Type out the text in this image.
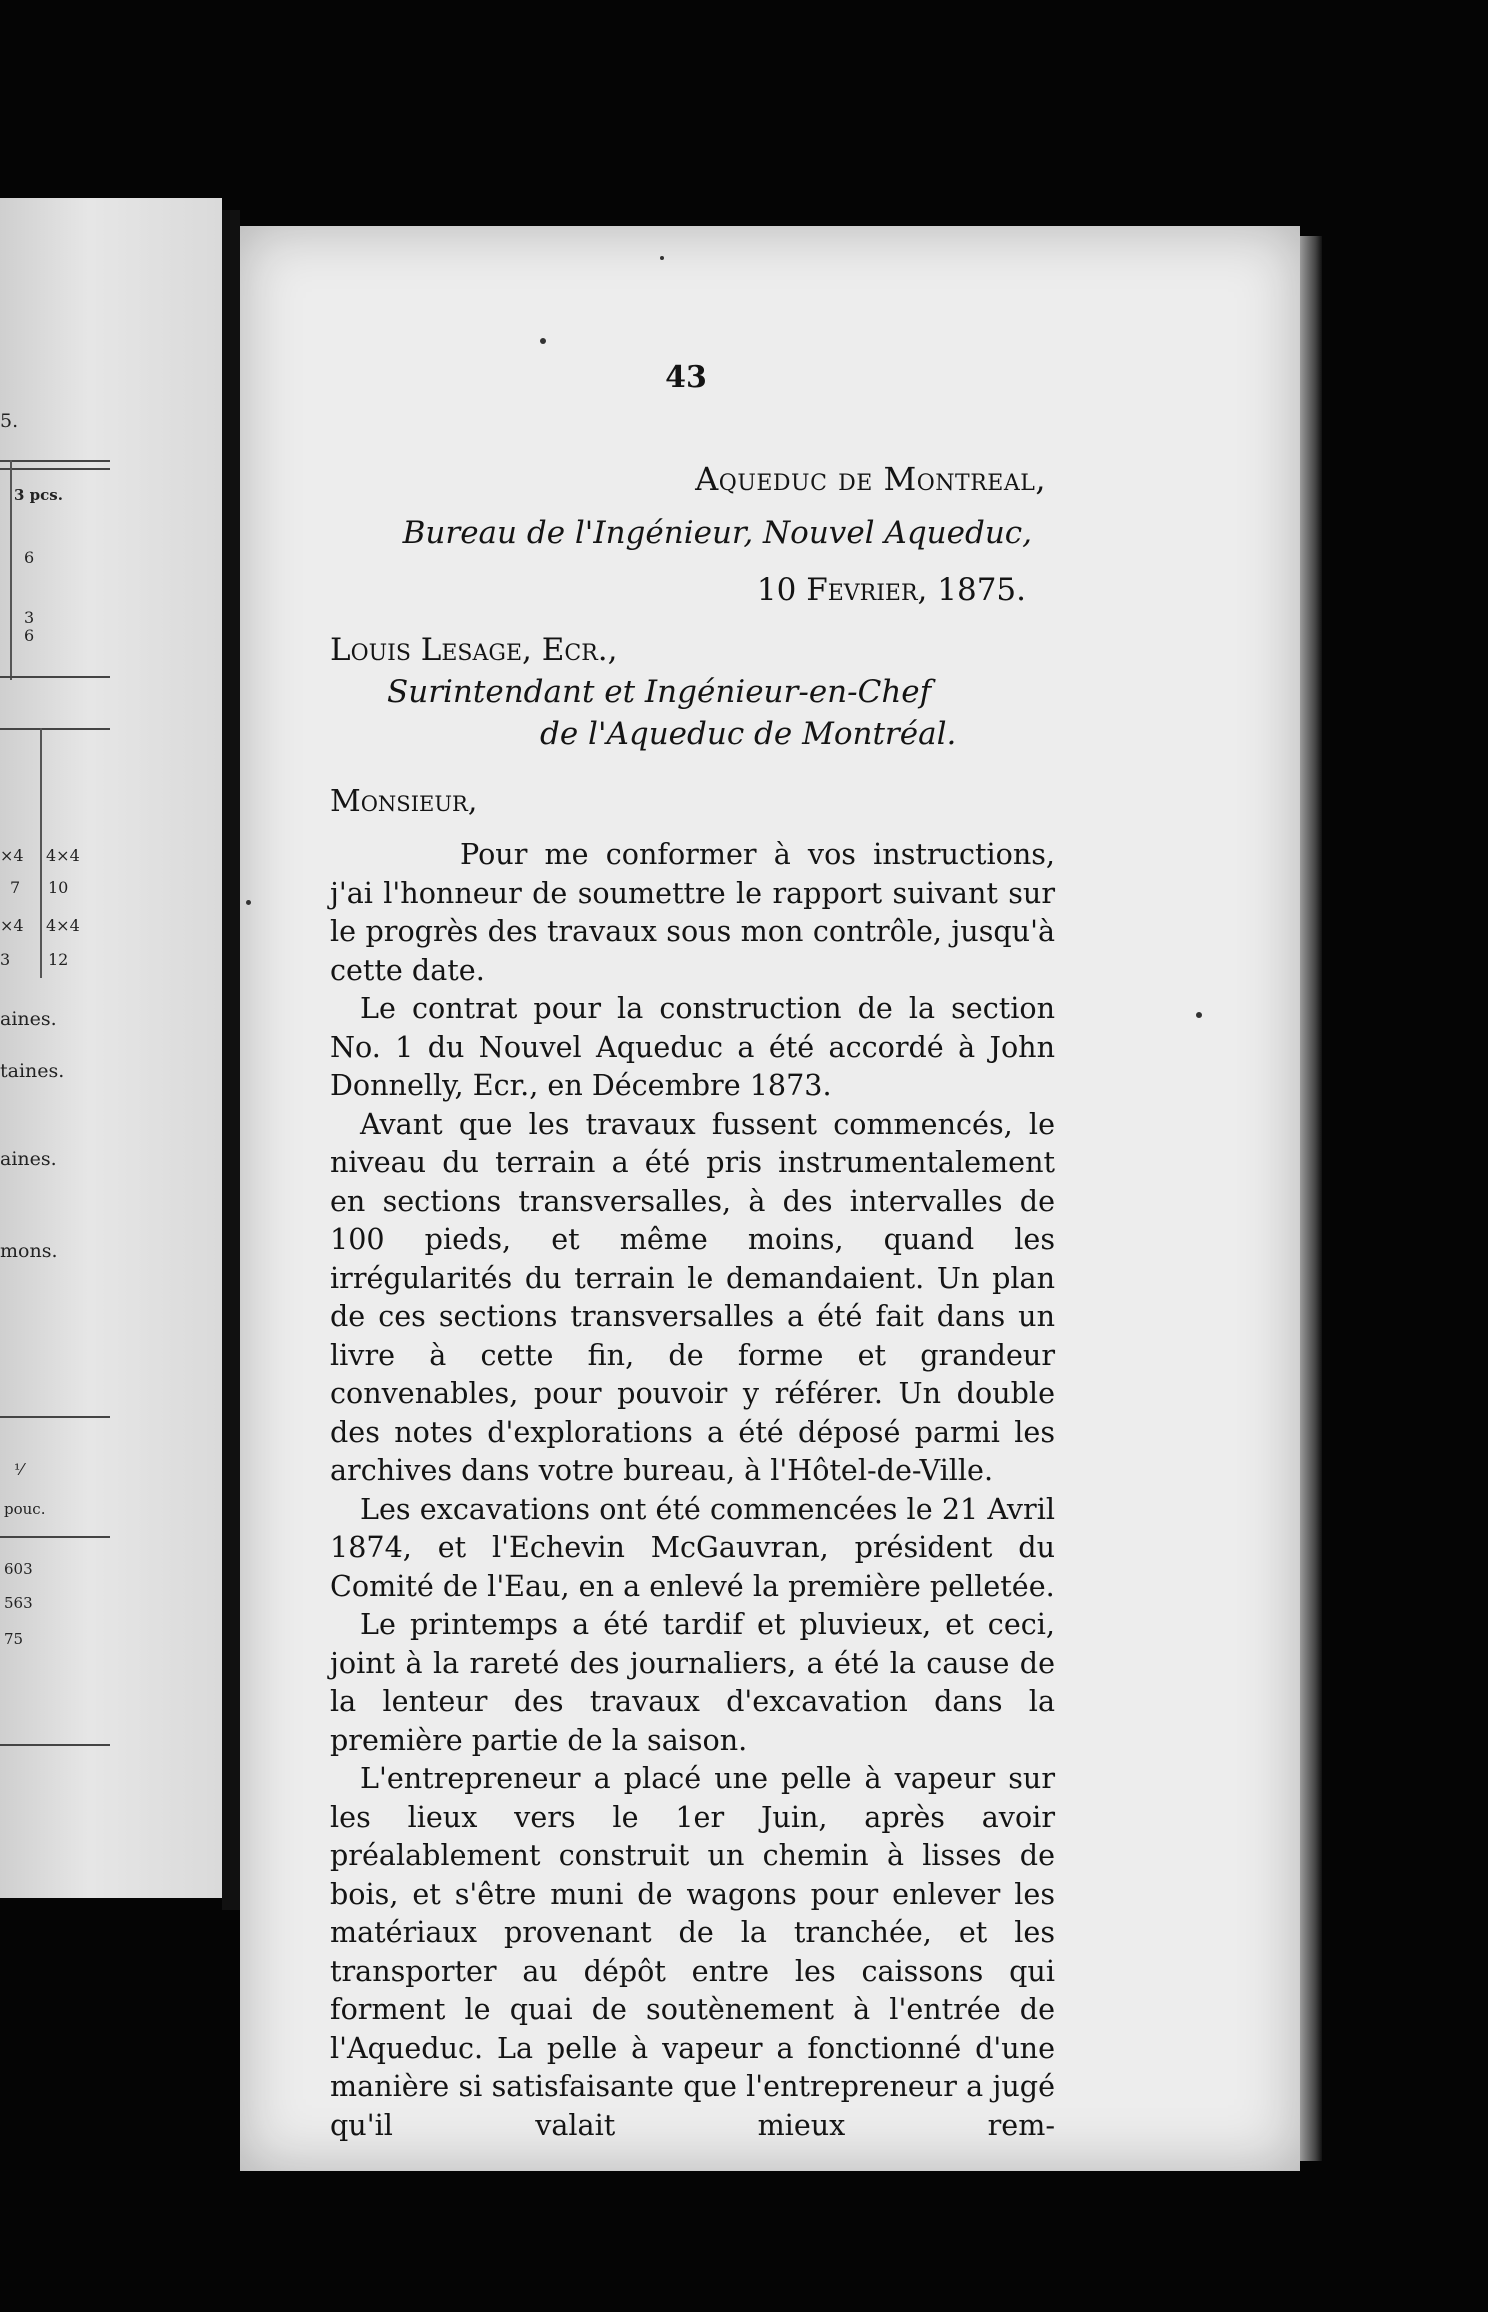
5.
3 pcs.
6
3
6
×4 4×4
7 10
×4 4×4
3 12
aines.
taines.
aines.
mons.
⅟
pouc.
603
563
75
43
Aqueduc de Montreal,
Bureau de l'Ingénieur, Nouvel Aqueduc,
10 Fevrier, 1875.
Louis Lesage, Ecr.,
Surintendant et Ingénieur-en-Chef
de l'Aqueduc de Montréal.
Monsieur,

Pour me conformer à vos instructions, j'ai l'honneur de soumettre le rapport suivant sur le progrès des travaux sous mon contrôle, jusqu'à cette date.

Le contrat pour la construction de la section No. 1 du Nouvel Aqueduc a été accordé à John Donnelly, Ecr., en Décembre 1873.

Avant que les travaux fussent commencés, le niveau du terrain a été pris instrumentalement en sections transversalles, à des intervalles de 100 pieds, et même moins, quand les irrégularités du terrain le demandaient. Un plan de ces sections transversalles a été fait dans un livre à cette fin, de forme et grandeur convenables, pour pouvoir y référer. Un double des notes d'explorations a été déposé parmi les archives dans votre bureau, à l'Hôtel-de-Ville.

Les excavations ont été commencées le 21 Avril 1874, et l'Echevin McGauvran, président du Comité de l'Eau, en a enlevé la première pelletée.

Le printemps a été tardif et pluvieux, et ceci, joint à la rareté des journaliers, a été la cause de la lenteur des travaux d'excavation dans la première partie de la saison.

L'entrepreneur a placé une pelle à vapeur sur les lieux vers le 1er Juin, après avoir préalablement construit un chemin à lisses de bois, et s'être muni de wagons pour enlever les matériaux provenant de la tranchée, et les transporter au dépôt entre les caissons qui forment le quai de soutènement à l'entrée de l'Aqueduc. La pelle à vapeur a fonctionné d'une manière si satisfaisante que l'entrepreneur a jugé qu'il valait mieux rem-
